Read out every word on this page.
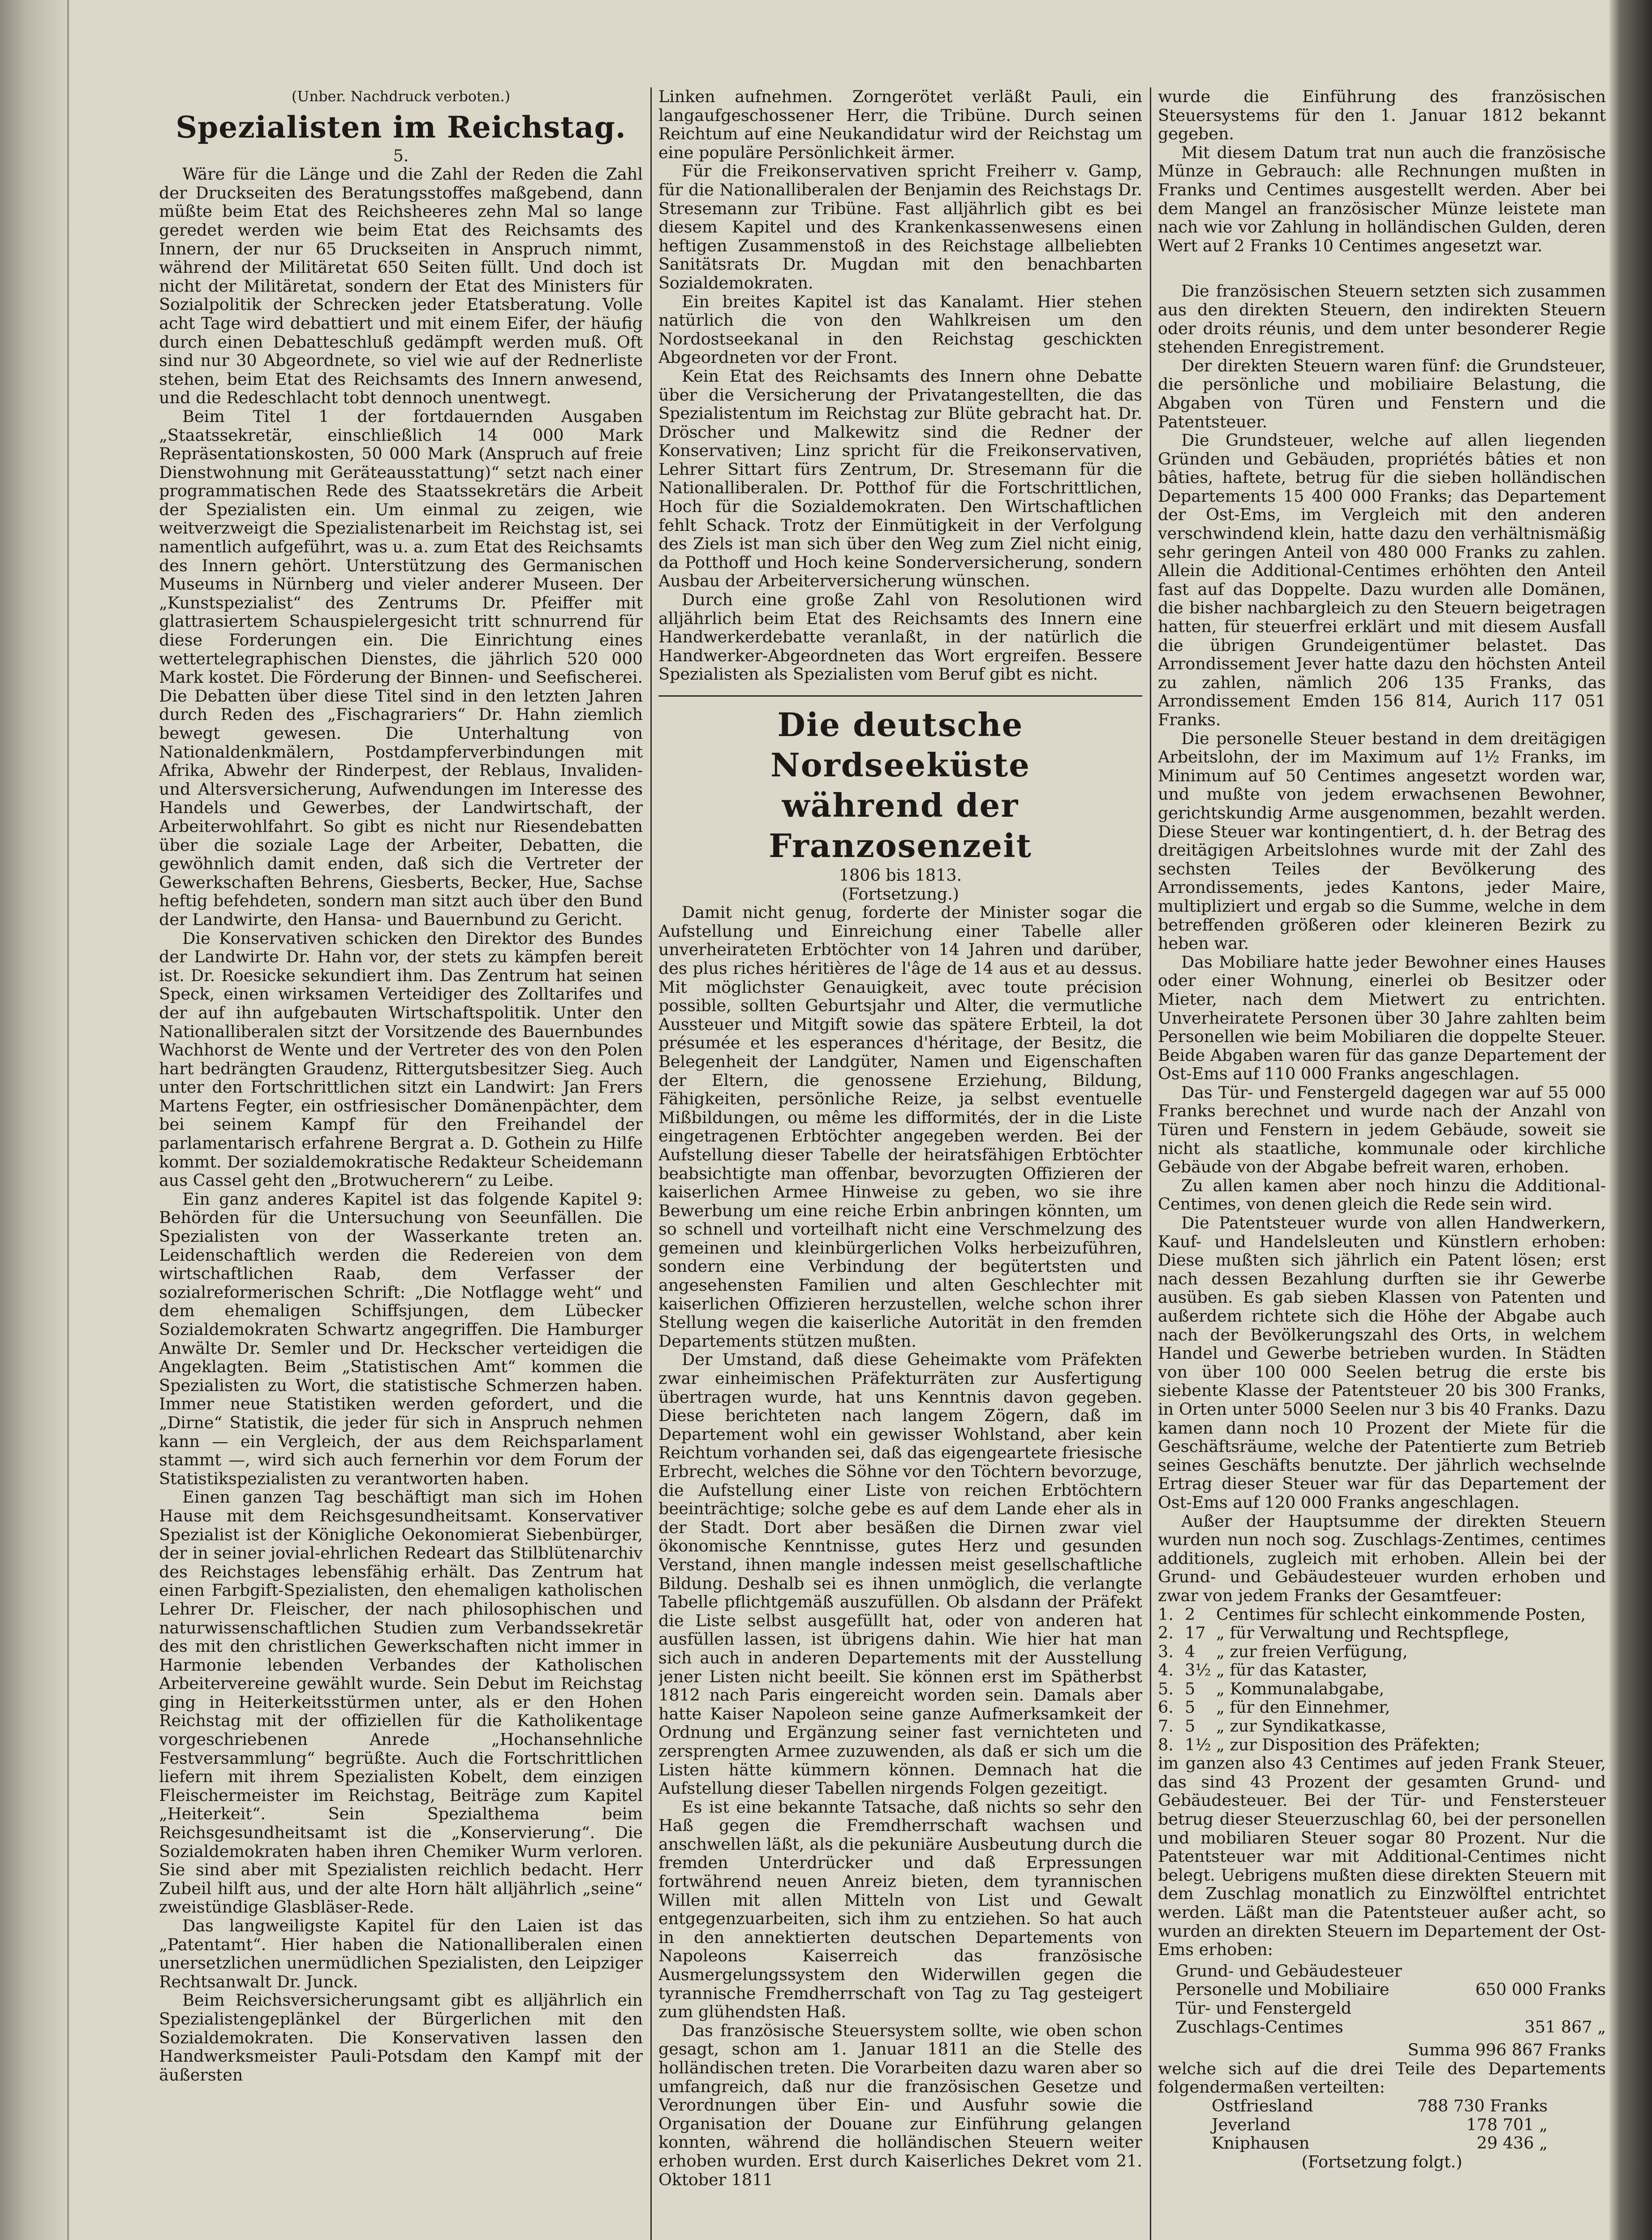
(Unber. Nachdruck verboten.)

Spezialisten im Reichstag.

5.

Wäre für die Länge und die Zahl der Reden die Zahl der Druckseiten des Beratungsstoffes maßgebend, dann müßte beim Etat des Reichsheeres zehn Mal so lange geredet werden wie beim Etat des Reichsamts des Innern, der nur 65 Druckseiten in Anspruch nimmt, während der Militäretat 650 Seiten füllt. Und doch ist nicht der Militäretat, sondern der Etat des Ministers für Sozialpolitik der Schrecken jeder Etatsberatung. Volle acht Tage wird debattiert und mit einem Eifer, der häufig durch einen Debatteschluß gedämpft werden muß. Oft sind nur 30 Abgeordnete, so viel wie auf der Rednerliste stehen, beim Etat des Reichsamts des Innern anwesend, und die Redeschlacht tobt dennoch unentwegt.

Beim Titel 1 der fortdauernden Ausgaben „Staatssekretär, einschließlich 14 000 Mark Repräsentationskosten, 50 000 Mark (Anspruch auf freie Dienstwohnung mit Geräteausstattung)“ setzt nach einer programmatischen Rede des Staatssekretärs die Arbeit der Spezialisten ein. Um einmal zu zeigen, wie weitverzweigt die Spezialistenarbeit im Reichstag ist, sei namentlich aufgeführt, was u. a. zum Etat des Reichsamts des Innern gehört. Unterstützung des Germanischen Museums in Nürnberg und vieler anderer Museen. Der „Kunstspezialist“ des Zentrums Dr. Pfeiffer mit glattrasiertem Schauspielergesicht tritt schnurrend für diese Forderungen ein. Die Einrichtung eines wettertelegraphischen Dienstes, die jährlich 520 000 Mark kostet. Die Förderung der Binnen- und Seefischerei. Die Debatten über diese Titel sind in den letzten Jahren durch Reden des „Fischagrariers“ Dr. Hahn ziemlich bewegt gewesen. Die Unterhaltung von Nationaldenkmälern, Postdampferverbindungen mit Afrika, Abwehr der Rinderpest, der Reblaus, Invaliden- und Altersversicherung, Aufwendungen im Interesse des Handels und Gewerbes, der Landwirtschaft, der Arbeiterwohlfahrt. So gibt es nicht nur Riesendebatten über die soziale Lage der Arbeiter, Debatten, die gewöhnlich damit enden, daß sich die Vertreter der Gewerkschaften Behrens, Giesberts, Becker, Hue, Sachse heftig befehdeten, sondern man sitzt auch über den Bund der Landwirte, den Hansa- und Bauernbund zu Gericht.

Die Konservativen schicken den Direktor des Bundes der Landwirte Dr. Hahn vor, der stets zu kämpfen bereit ist. Dr. Roesicke sekundiert ihm. Das Zentrum hat seinen Speck, einen wirksamen Verteidiger des Zolltarifes und der auf ihn aufgebauten Wirtschaftspolitik. Unter den Nationalliberalen sitzt der Vorsitzende des Bauernbundes Wachhorst de Wente und der Vertreter des von den Polen hart bedrängten Graudenz, Rittergutsbesitzer Sieg. Auch unter den Fortschrittlichen sitzt ein Landwirt: Jan Frers Martens Fegter, ein ostfriesischer Domänenpächter, dem bei seinem Kampf für den Freihandel der parlamentarisch erfahrene Bergrat a. D. Gothein zu Hilfe kommt. Der sozialdemokratische Redakteur Scheidemann aus Cassel geht den „Brotwucherern“ zu Leibe.

Ein ganz anderes Kapitel ist das folgende Kapitel 9: Behörden für die Untersuchung von Seeunfällen. Die Spezialisten von der Wasserkante treten an. Leidenschaftlich werden die Redereien von dem wirtschaftlichen Raab, dem Verfasser der sozialreformerischen Schrift: „Die Notflagge weht“ und dem ehemaligen Schiffsjungen, dem Lübecker Sozialdemokraten Schwartz angegriffen. Die Hamburger Anwälte Dr. Semler und Dr. Heckscher verteidigen die Angeklagten. Beim „Statistischen Amt“ kommen die Spezialisten zu Wort, die statistische Schmerzen haben. Immer neue Statistiken werden gefordert, und die „Dirne“ Statistik, die jeder für sich in Anspruch nehmen kann — ein Vergleich, der aus dem Reichsparlament stammt —, wird sich auch fernerhin vor dem Forum der Statistikspezialisten zu verantworten haben.

Einen ganzen Tag beschäftigt man sich im Hohen Hause mit dem Reichsgesundheitsamt. Konservativer Spezialist ist der Königliche Oekonomierat Siebenbürger, der in seiner jovial-ehrlichen Redeart das Stilblütenarchiv des Reichstages lebensfähig erhält. Das Zentrum hat einen Farbgift-Spezialisten, den ehemaligen katholischen Lehrer Dr. Fleischer, der nach philosophischen und naturwissenschaftlichen Studien zum Verbandssekretär des mit den christlichen Gewerkschaften nicht immer in Harmonie lebenden Verbandes der Katholischen Arbeitervereine gewählt wurde. Sein Debut im Reichstag ging in Heiterkeitsstürmen unter, als er den Hohen Reichstag mit der offiziellen für die Katholikentage vorgeschriebenen Anrede „Hochansehnliche Festversammlung“ begrüßte. Auch die Fortschrittlichen liefern mit ihrem Spezialisten Kobelt, dem einzigen Fleischermeister im Reichstag, Beiträge zum Kapitel „Heiterkeit“. Sein Spezialthema beim Reichsgesundheitsamt ist die „Konservierung“. Die Sozialdemokraten haben ihren Chemiker Wurm verloren. Sie sind aber mit Spezialisten reichlich bedacht. Herr Zubeil hilft aus, und der alte Horn hält alljährlich „seine“ zweistündige Glasbläser-Rede.

Das langweiligste Kapitel für den Laien ist das „Patentamt“. Hier haben die Nationalliberalen einen unersetzlichen unermüdlichen Spezialisten, den Leipziger Rechtsanwalt Dr. Junck.

Beim Reichsversicherungsamt gibt es alljährlich ein Spezialistengeplänkel der Bürgerlichen mit den Sozialdemokraten. Die Konservativen lassen den Handwerksmeister Pauli-Potsdam den Kampf mit der äußersten

Linken aufnehmen. Zorngerötet verläßt Pauli, ein langaufgeschossener Herr, die Tribüne. Durch seinen Reichtum auf eine Neukandidatur wird der Reichstag um eine populäre Persönlichkeit ärmer.

Für die Freikonservativen spricht Freiherr v. Gamp, für die Nationalliberalen der Benjamin des Reichstags Dr. Stresemann zur Tribüne. Fast alljährlich gibt es bei diesem Kapitel und des Krankenkassenwesens einen heftigen Zusammenstoß in des Reichstage allbeliebten Sanitätsrats Dr. Mugdan mit den benachbarten Sozialdemokraten.

Ein breites Kapitel ist das Kanalamt. Hier stehen natürlich die von den Wahlkreisen um den Nordostseekanal in den Reichstag geschickten Abgeordneten vor der Front.

Kein Etat des Reichsamts des Innern ohne Debatte über die Versicherung der Privatangestellten, die das Spezialistentum im Reichstag zur Blüte gebracht hat. Dr. Dröscher und Malkewitz sind die Redner der Konservativen; Linz spricht für die Freikonservativen, Lehrer Sittart fürs Zentrum, Dr. Stresemann für die Nationalliberalen. Dr. Potthof für die Fortschrittlichen, Hoch für die Sozialdemokraten. Den Wirtschaftlichen fehlt Schack. Trotz der Einmütigkeit in der Verfolgung des Ziels ist man sich über den Weg zum Ziel nicht einig, da Potthoff und Hoch keine Sonderversicherung, sondern Ausbau der Arbeiterversicherung wünschen.

Durch eine große Zahl von Resolutionen wird alljährlich beim Etat des Reichsamts des Innern eine Handwerkerdebatte veranlaßt, in der natürlich die Handwerker-Abgeordneten das Wort ergreifen. Bessere Spezialisten als Spezialisten vom Beruf gibt es nicht.

Die deutsche Nordseeküste
während der Franzosenzeit

1806 bis 1813.

(Fortsetzung.)

Damit nicht genug, forderte der Minister sogar die Aufstellung und Einreichung einer Tabelle aller unverheirateten Erbtöchter von 14 Jahren und darüber, des plus riches héritières de l'âge de 14 aus et au dessus. Mit möglichster Genauigkeit, avec toute précision possible, sollten Geburtsjahr und Alter, die vermutliche Aussteuer und Mitgift sowie das spätere Erbteil, la dot présumée et les esperances d'héritage, der Besitz, die Belegenheit der Landgüter, Namen und Eigenschaften der Eltern, die genossene Erziehung, Bildung, Fähigkeiten, persönliche Reize, ja selbst eventuelle Mißbildungen, ou même les difformités, der in die Liste eingetragenen Erbtöchter angegeben werden. Bei der Aufstellung dieser Tabelle der heiratsfähigen Erbtöchter beabsichtigte man offenbar, bevorzugten Offizieren der kaiserlichen Armee Hinweise zu geben, wo sie ihre Bewerbung um eine reiche Erbin anbringen könnten, um so schnell und vorteilhaft nicht eine Verschmelzung des gemeinen und kleinbürgerlichen Volks herbeizuführen, sondern eine Verbindung der begütertsten und angesehensten Familien und alten Geschlechter mit kaiserlichen Offizieren herzustellen, welche schon ihrer Stellung wegen die kaiserliche Autorität in den fremden Departements stützen mußten.

Der Umstand, daß diese Geheimakte vom Präfekten zwar einheimischen Präfekturräten zur Ausfertigung übertragen wurde, hat uns Kenntnis davon gegeben. Diese berichteten nach langem Zögern, daß im Departement wohl ein gewisser Wohlstand, aber kein Reichtum vorhanden sei, daß das eigengeartete friesische Erbrecht, welches die Söhne vor den Töchtern bevorzuge, die Aufstellung einer Liste von reichen Erbtöchtern beeinträchtige; solche gebe es auf dem Lande eher als in der Stadt. Dort aber besäßen die Dirnen zwar viel ökonomische Kenntnisse, gutes Herz und gesunden Verstand, ihnen mangle indessen meist gesellschaftliche Bildung. Deshalb sei es ihnen unmöglich, die verlangte Tabelle pflichtgemäß auszufüllen. Ob alsdann der Präfekt die Liste selbst ausgefüllt hat, oder von anderen hat ausfüllen lassen, ist übrigens dahin. Wie hier hat man sich auch in anderen Departements mit der Ausstellung jener Listen nicht beeilt. Sie können erst im Spätherbst 1812 nach Paris eingereicht worden sein. Damals aber hatte Kaiser Napoleon seine ganze Aufmerksamkeit der Ordnung und Ergänzung seiner fast vernichteten und zersprengten Armee zuzuwenden, als daß er sich um die Listen hätte kümmern können. Demnach hat die Aufstellung dieser Tabellen nirgends Folgen gezeitigt.

Es ist eine bekannte Tatsache, daß nichts so sehr den Haß gegen die Fremdherrschaft wachsen und anschwellen läßt, als die pekuniäre Ausbeutung durch die fremden Unterdrücker und daß Erpressungen fortwährend neuen Anreiz bieten, dem tyrannischen Willen mit allen Mitteln von List und Gewalt entgegenzuarbeiten, sich ihm zu entziehen. So hat auch in den annektierten deutschen Departements von Napoleons Kaiserreich das französische Ausmergelungssystem den Widerwillen gegen die tyrannische Fremdherrschaft von Tag zu Tag gesteigert zum glühendsten Haß.

Das französische Steuersystem sollte, wie oben schon gesagt, schon am 1. Januar 1811 an die Stelle des holländischen treten. Die Vorarbeiten dazu waren aber so umfangreich, daß nur die französischen Gesetze und Verordnungen über Ein- und Ausfuhr sowie die Organisation der Douane zur Einführung gelangen konnten, während die holländischen Steuern weiter erhoben wurden. Erst durch Kaiserliches Dekret vom 21. Oktober 1811

wurde die Einführung des französischen Steuersystems für den 1. Januar 1812 bekannt gegeben.

Mit diesem Datum trat nun auch die französische Münze in Gebrauch: alle Rechnungen mußten in Franks und Centimes ausgestellt werden. Aber bei dem Mangel an französischer Münze leistete man nach wie vor Zahlung in holländischen Gulden, deren Wert auf 2 Franks 10 Centimes angesetzt war.

Die französischen Steuern setzten sich zusammen aus den direkten Steuern, den indirekten Steuern oder droits réunis, und dem unter besonderer Regie stehenden Enregistrement.

Der direkten Steuern waren fünf: die Grundsteuer, die persönliche und mobiliaire Belastung, die Abgaben von Türen und Fenstern und die Patentsteuer.

Die Grundsteuer, welche auf allen liegenden Gründen und Gebäuden, propriétés bâties et non bâties, haftete, betrug für die sieben holländischen Departements 15 400 000 Franks; das Departement der Ost-Ems, im Vergleich mit den anderen verschwindend klein, hatte dazu den verhältnismäßig sehr geringen Anteil von 480 000 Franks zu zahlen. Allein die Additional-Centimes erhöhten den Anteil fast auf das Doppelte. Dazu wurden alle Domänen, die bisher nachbargleich zu den Steuern beigetragen hatten, für steuerfrei erklärt und mit diesem Ausfall die übrigen Grundeigentümer belastet. Das Arrondissement Jever hatte dazu den höchsten Anteil zu zahlen, nämlich 206 135 Franks, das Arrondissement Emden 156 814, Aurich 117 051 Franks.

Die personelle Steuer bestand in dem dreitägigen Arbeitslohn, der im Maximum auf 1½ Franks, im Minimum auf 50 Centimes angesetzt worden war, und mußte von jedem erwachsenen Bewohner, gerichtskundig Arme ausgenommen, bezahlt werden. Diese Steuer war kontingentiert, d. h. der Betrag des dreitägigen Arbeitslohnes wurde mit der Zahl des sechsten Teiles der Bevölkerung des Arrondissements, jedes Kantons, jeder Maire, multipliziert und ergab so die Summe, welche in dem betreffenden größeren oder kleineren Bezirk zu heben war.

Das Mobiliare hatte jeder Bewohner eines Hauses oder einer Wohnung, einerlei ob Besitzer oder Mieter, nach dem Mietwert zu entrichten. Unverheiratete Personen über 30 Jahre zahlten beim Personellen wie beim Mobiliaren die doppelte Steuer. Beide Abgaben waren für das ganze Departement der Ost-Ems auf 110 000 Franks angeschlagen.

Das Tür- und Fenstergeld dagegen war auf 55 000 Franks berechnet und wurde nach der Anzahl von Türen und Fenstern in jedem Gebäude, soweit sie nicht als staatliche, kommunale oder kirchliche Gebäude von der Abgabe befreit waren, erhoben.

Zu allen kamen aber noch hinzu die Additional-Centimes, von denen gleich die Rede sein wird.

Die Patentsteuer wurde von allen Handwerkern, Kauf- und Handelsleuten und Künstlern erhoben: Diese mußten sich jährlich ein Patent lösen; erst nach dessen Bezahlung durften sie ihr Gewerbe ausüben. Es gab sieben Klassen von Patenten und außerdem richtete sich die Höhe der Abgabe auch nach der Bevölkerungszahl des Orts, in welchem Handel und Gewerbe betrieben wurden. In Städten von über 100 000 Seelen betrug die erste bis siebente Klasse der Patentsteuer 20 bis 300 Franks, in Orten unter 5000 Seelen nur 3 bis 40 Franks. Dazu kamen dann noch 10 Prozent der Miete für die Geschäftsräume, welche der Patentierte zum Betrieb seines Geschäfts benutzte. Der jährlich wechselnde Ertrag dieser Steuer war für das Departement der Ost-Ems auf 120 000 Franks angeschlagen.

Außer der Hauptsumme der direkten Steuern wurden nun noch sog. Zuschlags-Zentimes, centimes additionels, zugleich mit erhoben. Allein bei der Grund- und Gebäudesteuer wurden erhoben und zwar von jedem Franks der Gesamtfeuer:

1.	2	Centimes für schlecht einkommende Posten,
2.	17	„ für Verwaltung und Rechtspflege,
3.	4	„ zur freien Verfügung,
4.	3½	„ für das Kataster,
5.	5	„ Kommunalabgabe,
6.	5	„ für den Einnehmer,
7.	5	„ zur Syndikatkasse,
8.	1½	„ zur Disposition des Präfekten;

im ganzen also 43 Centimes auf jeden Frank Steuer, das sind 43 Prozent der gesamten Grund- und Gebäudesteuer. Bei der Tür- und Fenstersteuer betrug dieser Steuerzuschlag 60, bei der personellen und mobiliaren Steuer sogar 80 Prozent. Nur die Patentsteuer war mit Additional-Centimes nicht belegt. Uebrigens mußten diese direkten Steuern mit dem Zuschlag monatlich zu Einzwölftel entrichtet werden. Läßt man die Patentsteuer außer acht, so wurden an direkten Steuern im Departement der Ost-Ems erhoben:

Grund- und Gebäudesteuer	
Personelle und Mobiliaire	650 000 Franks
Tür- und Fenstergeld	
Zuschlags-Centimes	351 867 „

Summa 996 867 Franks

welche sich auf die drei Teile des Departements folgendermaßen verteilten:

Ostfriesland	788 730 Franks
Jeverland	178 701 „
Kniphausen	29 436 „

(Fortsetzung folgt.)
